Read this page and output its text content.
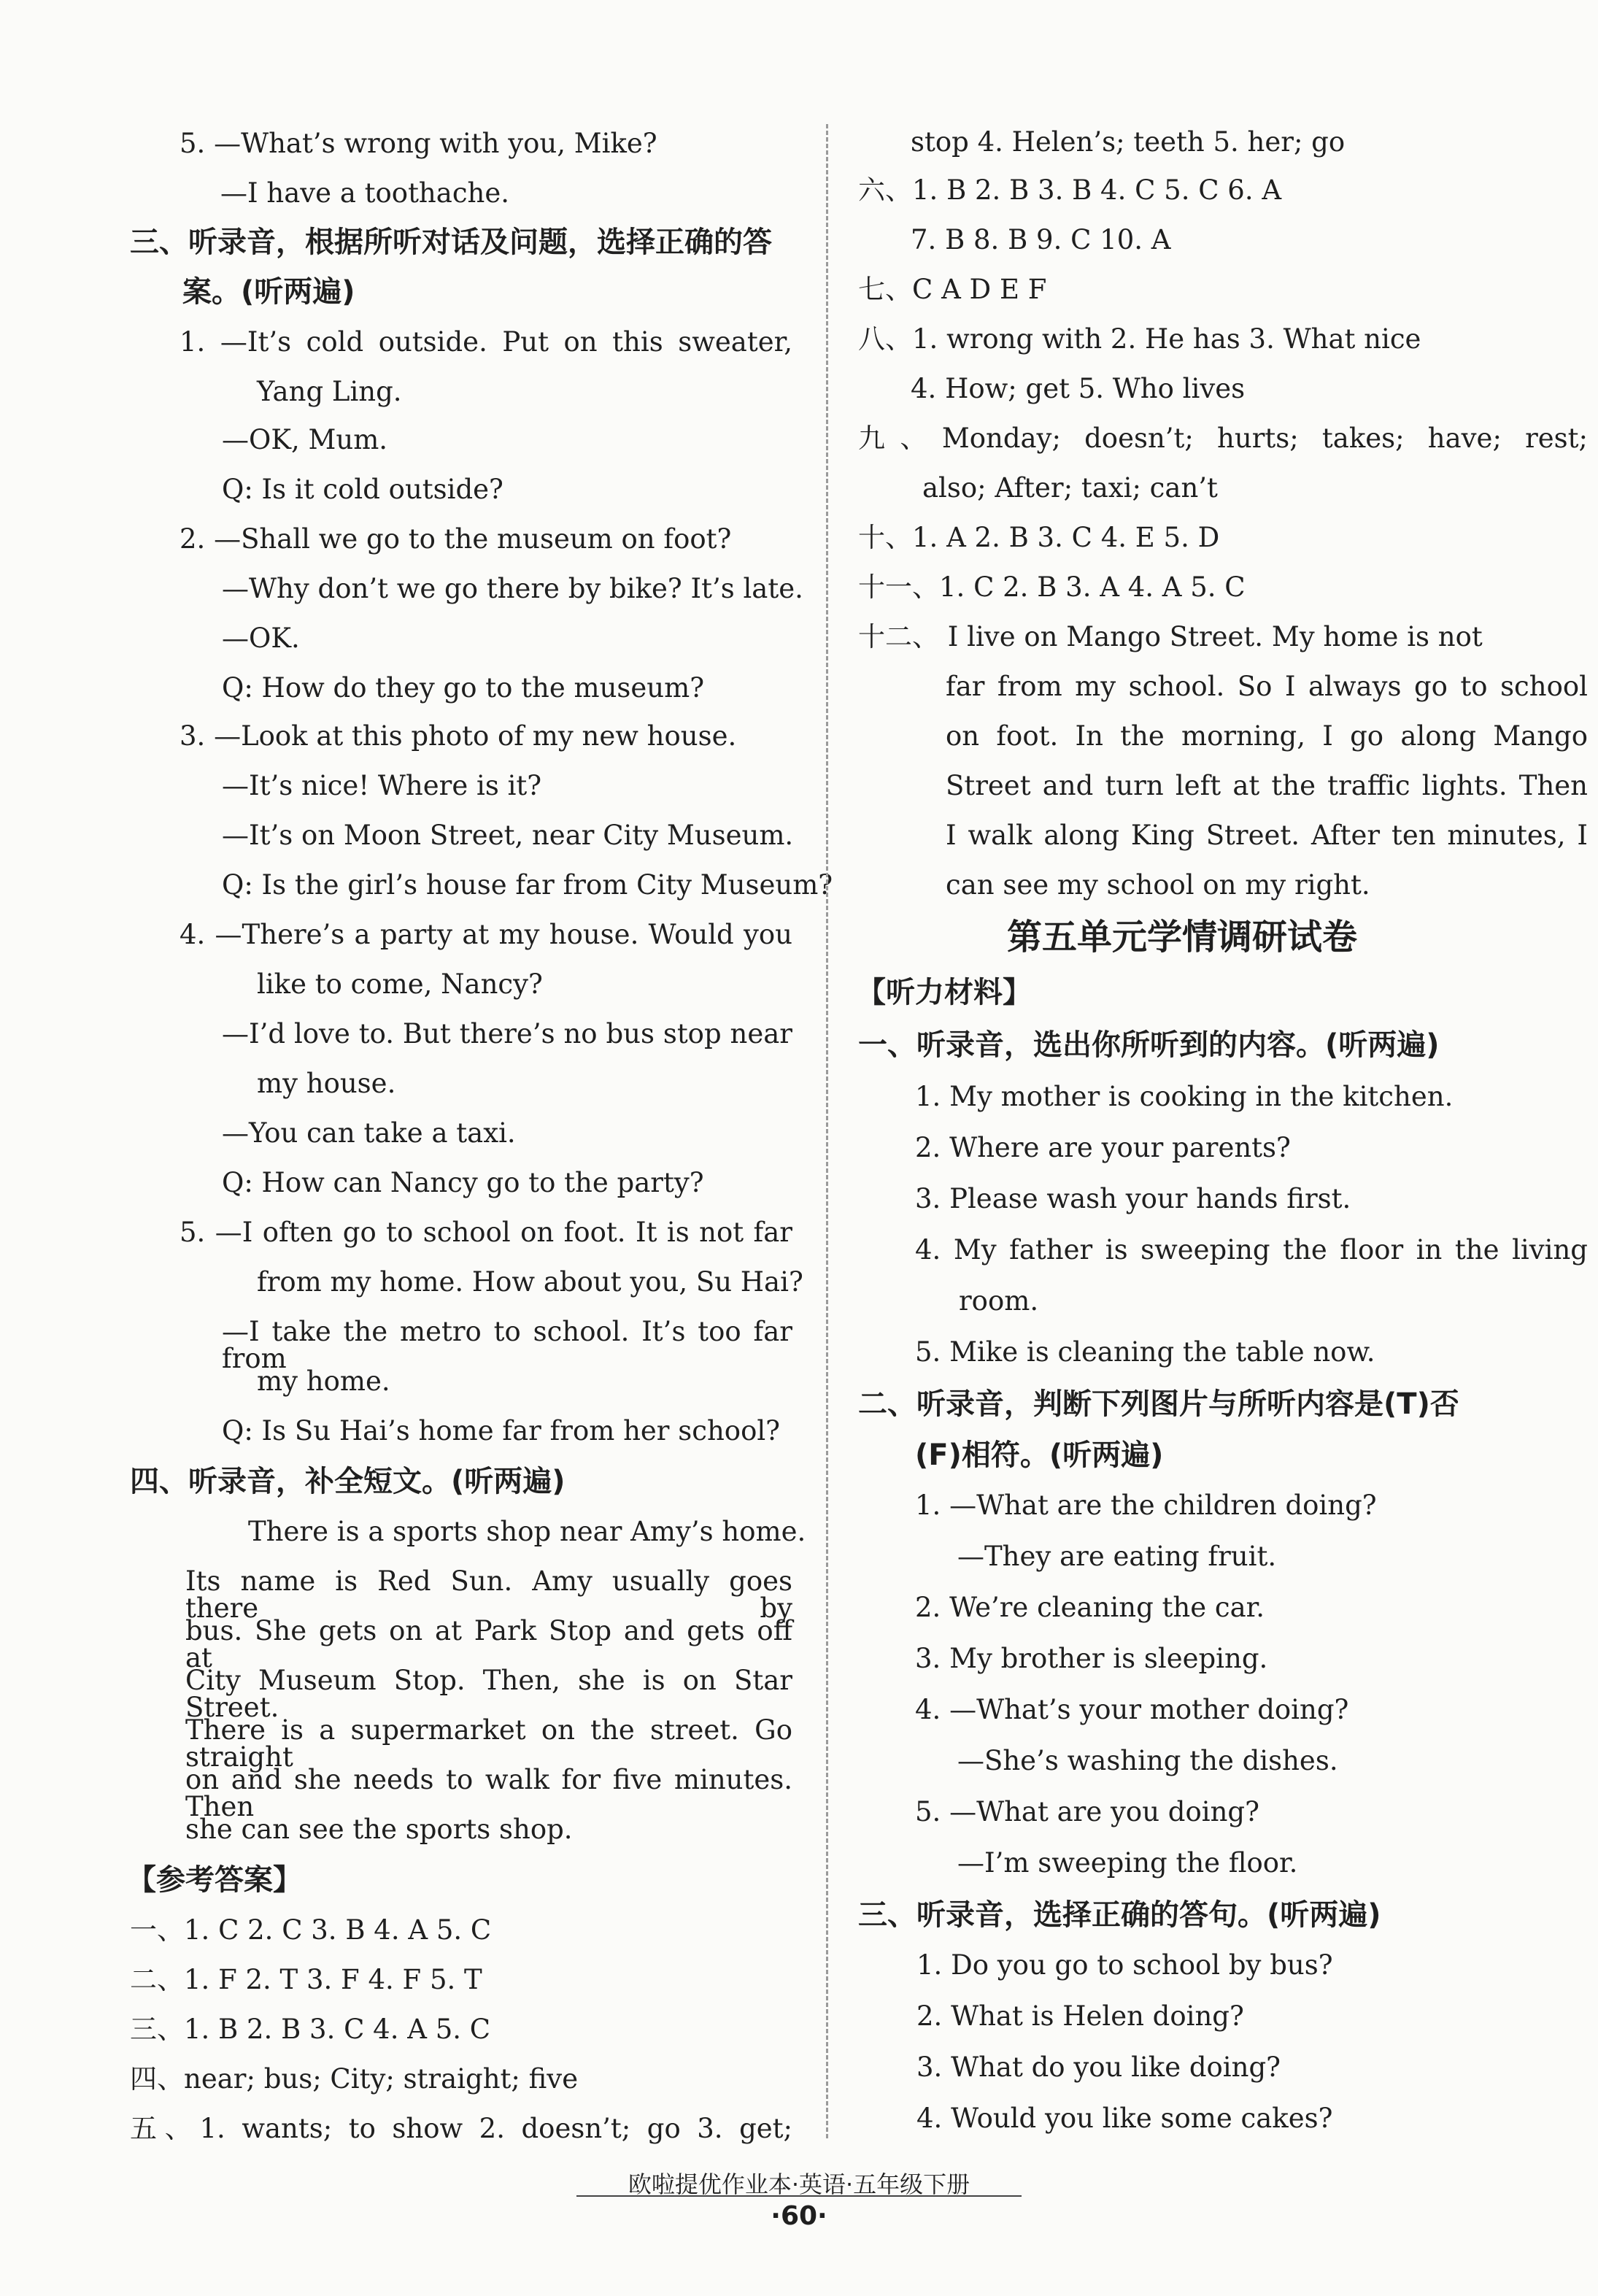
5. —What’s wrong with you, Mike?
—I have a toothache.
三、听录音，根据所听对话及问题，选择正确的答
案。(听两遍)
1. —It’s cold outside. Put on this sweater,
Yang Ling.
—OK, Mum.
Q: Is it cold outside?
2. —Shall we go to the museum on foot?
—Why don’t we go there by bike? It’s late.
—OK.
Q: How do they go to the museum?
3. —Look at this photo of my new house.
—It’s nice! Where is it?
—It’s on Moon Street, near City Museum.
Q: Is the girl’s house far from City Museum?
4. —There’s a party at my house. Would you
like to come, Nancy?
—I’d love to. But there’s no bus stop near
my house.
—You can take a taxi.
Q: How can Nancy go to the party?
5. —I often go to school on foot. It is not far
from my home. How about you, Su Hai?
—I take the metro to school. It’s too far from
my home.
Q: Is Su Hai’s home far from her school?
四、听录音，补全短文。(听两遍)
There is a sports shop near Amy’s home.
Its name is Red Sun. Amy usually goes there by
bus. She gets on at Park Stop and gets off at
City Museum Stop. Then, she is on Star Street.
There is a supermarket on the street. Go straight
on and she needs to walk for five minutes. Then
she can see the sports shop.
【参考答案】
一、1. C 2. C 3. B 4. A 5. C
二、1. F 2. T 3. F 4. F 5. T
三、1. B 2. B 3. C 4. A 5. C
四、near; bus; City; straight; five
五、1. wants; to show 2. doesn’t; go 3. get;
stop 4. Helen’s; teeth 5. her; go
六、1. B 2. B 3. B 4. C 5. C 6. A
7. B 8. B 9. C 10. A
七、C A D E F
八、1. wrong with 2. He has 3. What nice
4. How; get 5. Who lives
九、Monday; doesn’t; hurts; takes; have; rest;
also; After; taxi; can’t
十、1. A 2. B 3. C 4. E 5. D
十一、1. C 2. B 3. A 4. A 5. C
十二、 I live on Mango Street. My home is not
far from my school. So I always go to school
on foot. In the morning, I go along Mango
Street and turn left at the traffic lights. Then
I walk along King Street. After ten minutes, I
can see my school on my right.
第五单元学情调研试卷
【听力材料】
一、听录音，选出你所听到的内容。(听两遍)
1. My mother is cooking in the kitchen.
2. Where are your parents?
3. Please wash your hands first.
4. My father is sweeping the floor in the living
room.
5. Mike is cleaning the table now.
二、听录音，判断下列图片与所听内容是(T)否
(F)相符。(听两遍)
1. —What are the children doing?
—They are eating fruit.
2. We’re cleaning the car.
3. My brother is sleeping.
4. —What’s your mother doing?
—She’s washing the dishes.
5. —What are you doing?
—I’m sweeping the floor.
三、听录音，选择正确的答句。(听两遍)
1. Do you go to school by bus?
2. What is Helen doing?
3. What do you like doing?
4. Would you like some cakes?
欧啦提优作业本·英语·五年级下册
·60·
